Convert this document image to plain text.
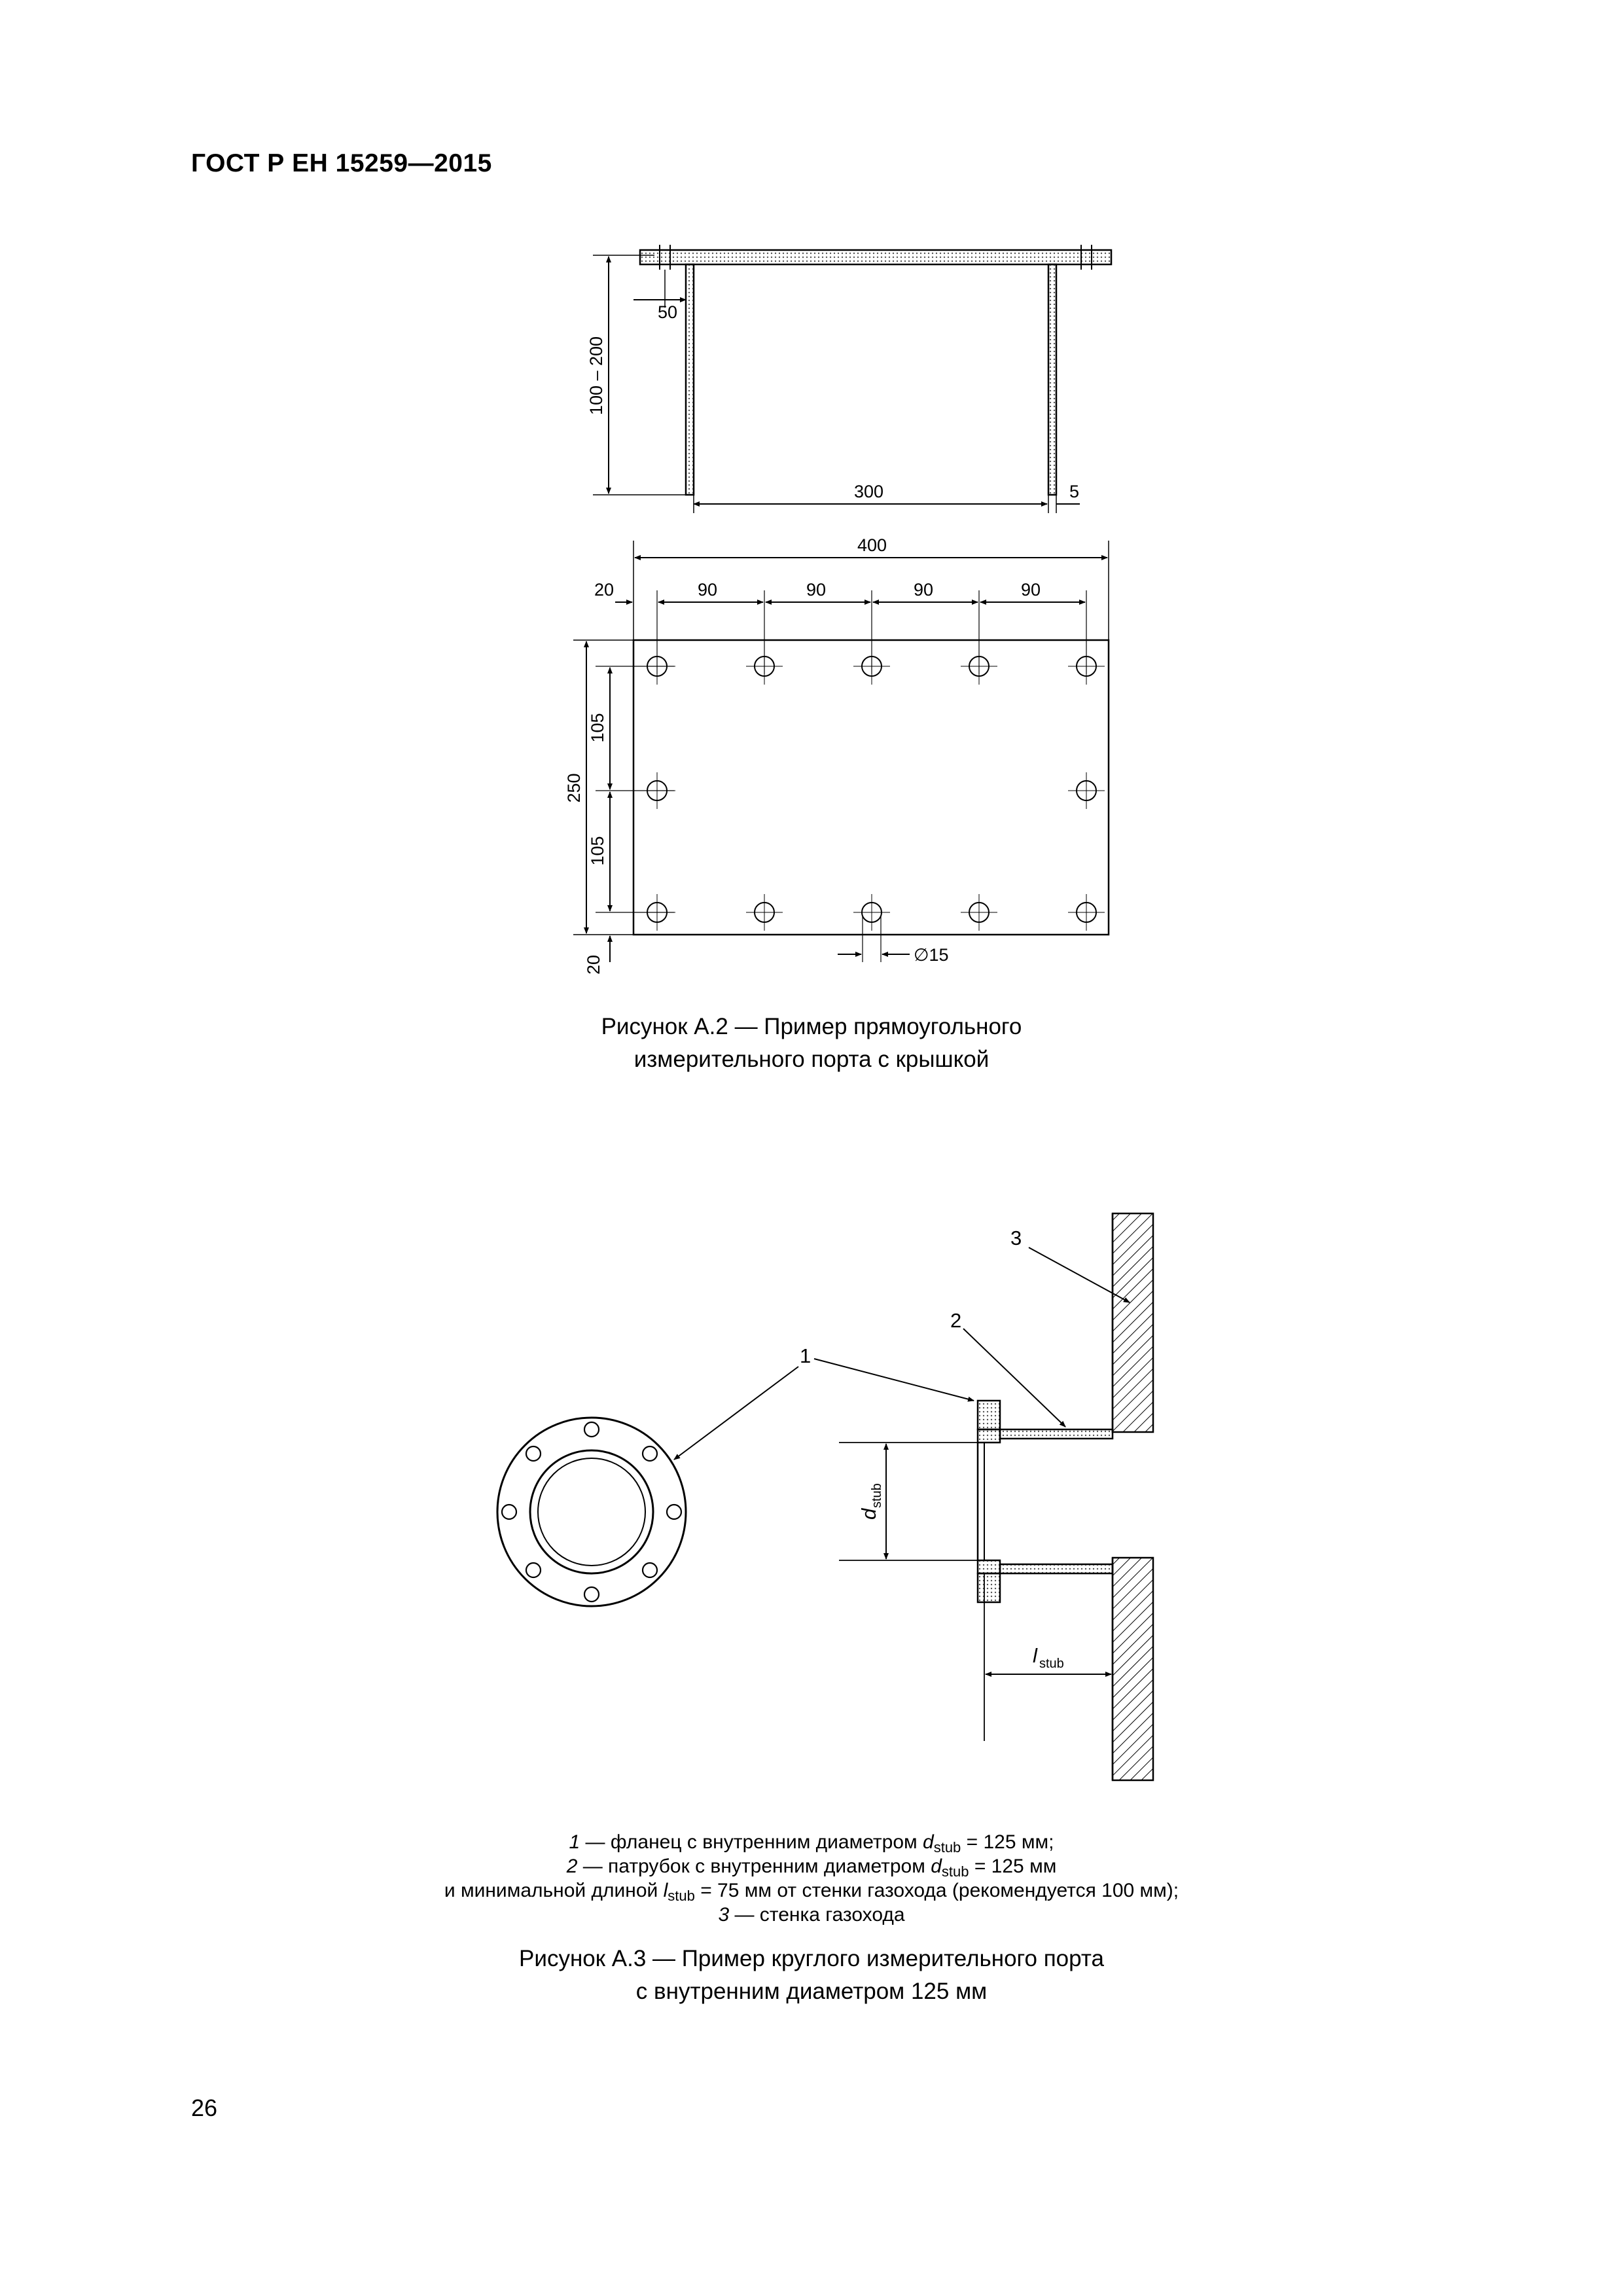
ГОСТ Р ЕН 15259—2015
50
300	5
100 – 200
400
20	90	90	90	90
250
105
105
20	∅15
1
2
3
d
stub
l stub
Рисунок А.2 — Пример прямоугольного
измерительного порта с крышкой
1 — фланец с внутренним диаметром $d_{stub} = 125$ мм;
2 — патрубок с внутренним диаметром $d_{stub} = 125$ мм
и минимальной длиной $l_{stub} = 75$ мм от стенки газохода (рекомендуется 100 мм);
3 — стенка газохода
Рисунок А.3 — Пример круглого измерительного порта
с внутренним диаметром 125 мм
26
